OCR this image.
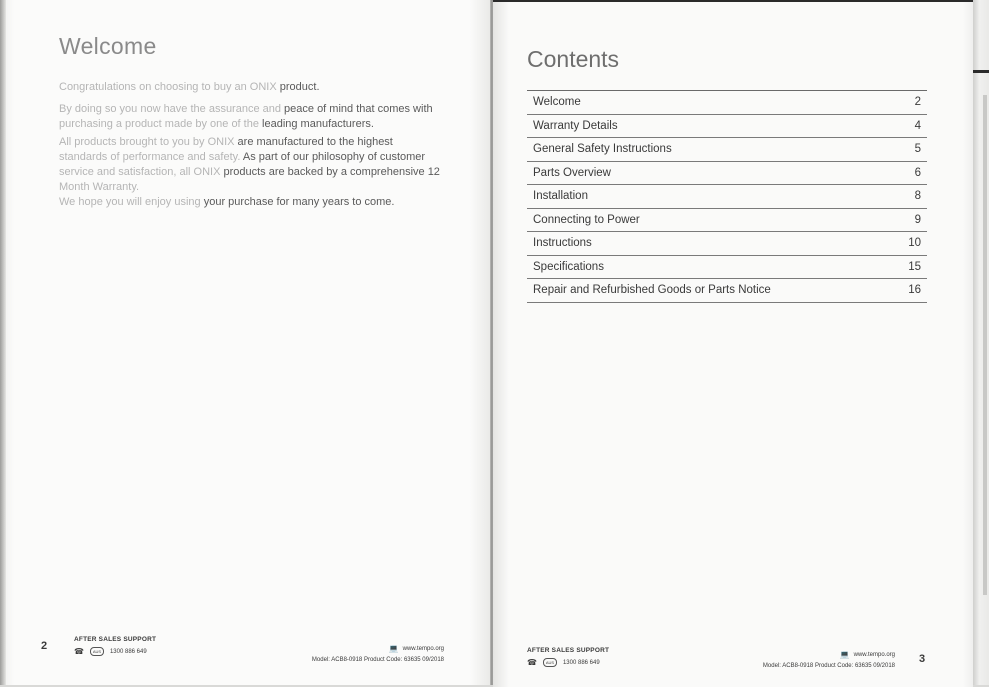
Welcome
Congratulations on choosing to buy an ONIX product.
By doing so you now have the assurance and peace of mind that comes with
purchasing a product made by one of the leading manufacturers.
All products brought to you by ONIX are manufactured to the highest
standards of performance and safety. As part of our philosophy of customer
service and satisfaction, all ONIX products are backed by a comprehensive 12
Month Warranty.
We hope you will enjoy using your purchase for many years to come.
2
AFTER SALES SUPPORT
☎	AUS	1300 886 649	💻 www.tempo.org
Model: ACB8-0918 Product Code: 63635 09/2018
Contents
Welcome	2
Warranty Details	4
General Safety Instructions	5
Parts Overview	6
Installation	8
Connecting to Power	9
Instructions	10
Specifications	15
Repair and Refurbished Goods or Parts Notice	16
AFTER SALES SUPPORT
☎	AUS	1300 886 649
💻 www.tempo.org
Model: ACB8-0918 Product Code: 63635 09/2018
3
